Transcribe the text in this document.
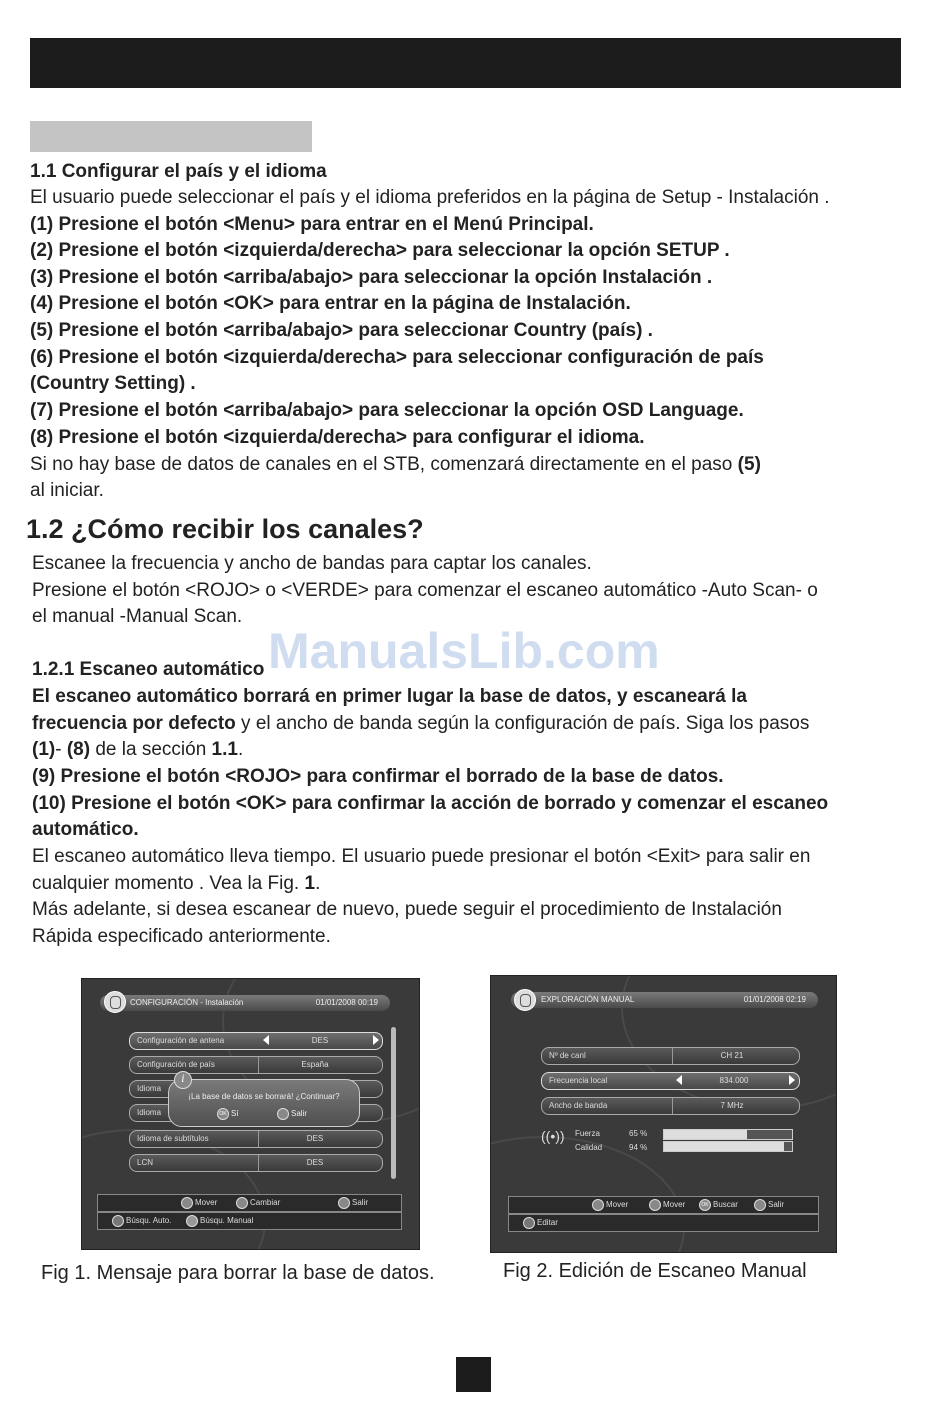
1.1 Configurar el país y el idioma
El usuario puede seleccionar el país y el idioma preferidos en la página de Setup - Instalación .
(1) Presione el botón <Menu> para entrar en el Menú Principal.
(2) Presione el botón <izquierda/derecha> para seleccionar la opción SETUP .
(3) Presione el botón <arriba/abajo> para seleccionar la opción Instalación .
(4) Presione el botón <OK> para entrar en la página de Instalación.
(5) Presione el botón <arriba/abajo> para seleccionar Country (país) .
(6) Presione el botón <izquierda/derecha> para seleccionar configuración de país
(Country Setting) .
(7) Presione el botón <arriba/abajo> para seleccionar la opción OSD Language.
(8) Presione el botón <izquierda/derecha> para configurar el idioma.
Si no hay base de datos de canales en el STB, comenzará directamente en el paso (5)
al iniciar.
1.2 ¿Cómo recibir los canales?
Escanee la frecuencia y ancho de bandas para captar los canales.
Presione el botón <ROJO> o <VERDE> para comenzar el escaneo automático -Auto Scan- o
el manual -Manual Scan.
ManualsLib.com
1.2.1 Escaneo automático
El escaneo automático borrará en primer lugar la base de datos, y escaneará la
frecuencia por defecto y el ancho de banda según la configuración de país. Siga los pasos
(1)- (8) de la sección 1.1.
(9) Presione el botón <ROJO> para confirmar el borrado de la base de datos.
(10) Presione el botón <OK> para confirmar la acción de borrado y comenzar el escaneo
automático.
El escaneo automático lleva tiempo. El usuario puede presionar el botón <Exit> para salir en
cualquier momento . Vea la Fig. 1.
Más adelante, si desea escanear de nuevo, puede seguir el procedimiento de Instalación
Rápida especificado anteriormente.
CONFIGURACIÓN - Instalación	01/01/2008 00:19
Configuración de antena	DES
Configuración de país	España
Idioma
Idioma
Idioma de subtítulos	DES
LCN	DES
¡La base de datos se borrará! ¿Continuar?
OK Sí	Salir
i
Mover	Cambiar	Salir
Búsqu. Auto.	Búsqu. Manual
Fig 1. Mensaje para borrar la base de datos.
EXPLORACIÓN MANUAL	01/01/2008 02:19
Nº de canl	CH 21
Frecuencia local	834.000
Ancho de banda	7 MHz
((•)) Fuerza	65 %
Calidad	94 %
Mover	Mover	OK Buscar	Salir
Editar
Fig 2. Edición de Escaneo Manual
